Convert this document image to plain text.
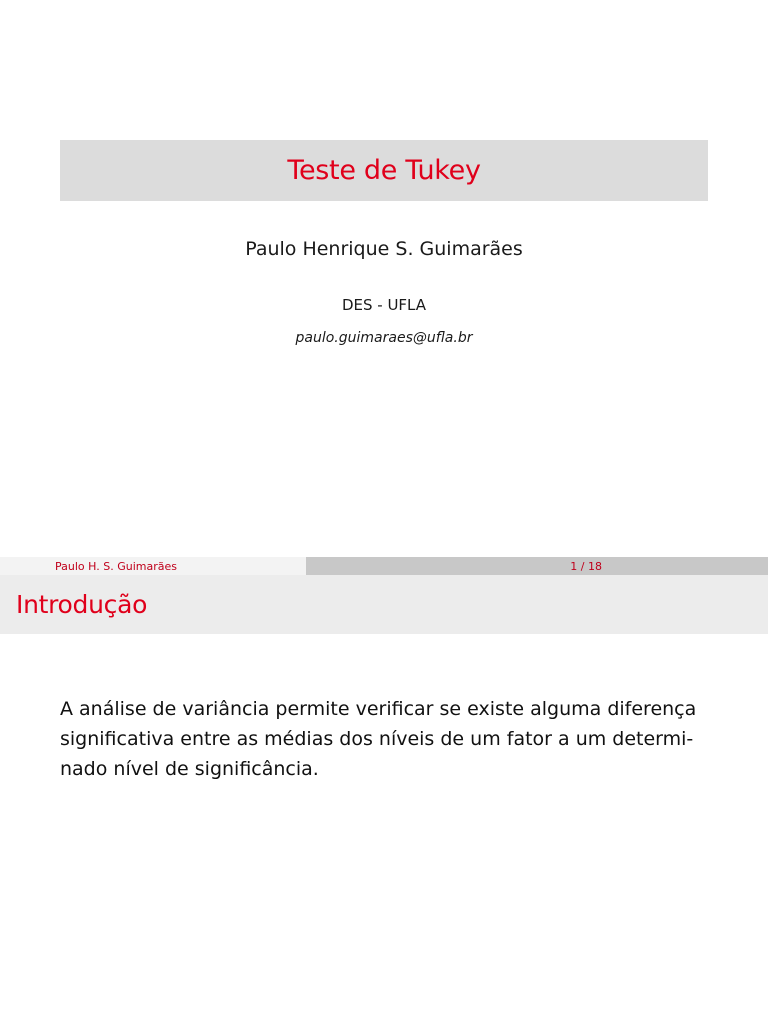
Teste de Tukey
Paulo Henrique S. Guimarães
DES - UFLA
paulo.guimaraes@ufla.br
Paulo H. S. Guimarães	1 / 18
Introdução
A análise de variância permite verificar se existe alguma diferença
significativa entre as médias dos níveis de um fator a um determi-
nado nível de significância.
